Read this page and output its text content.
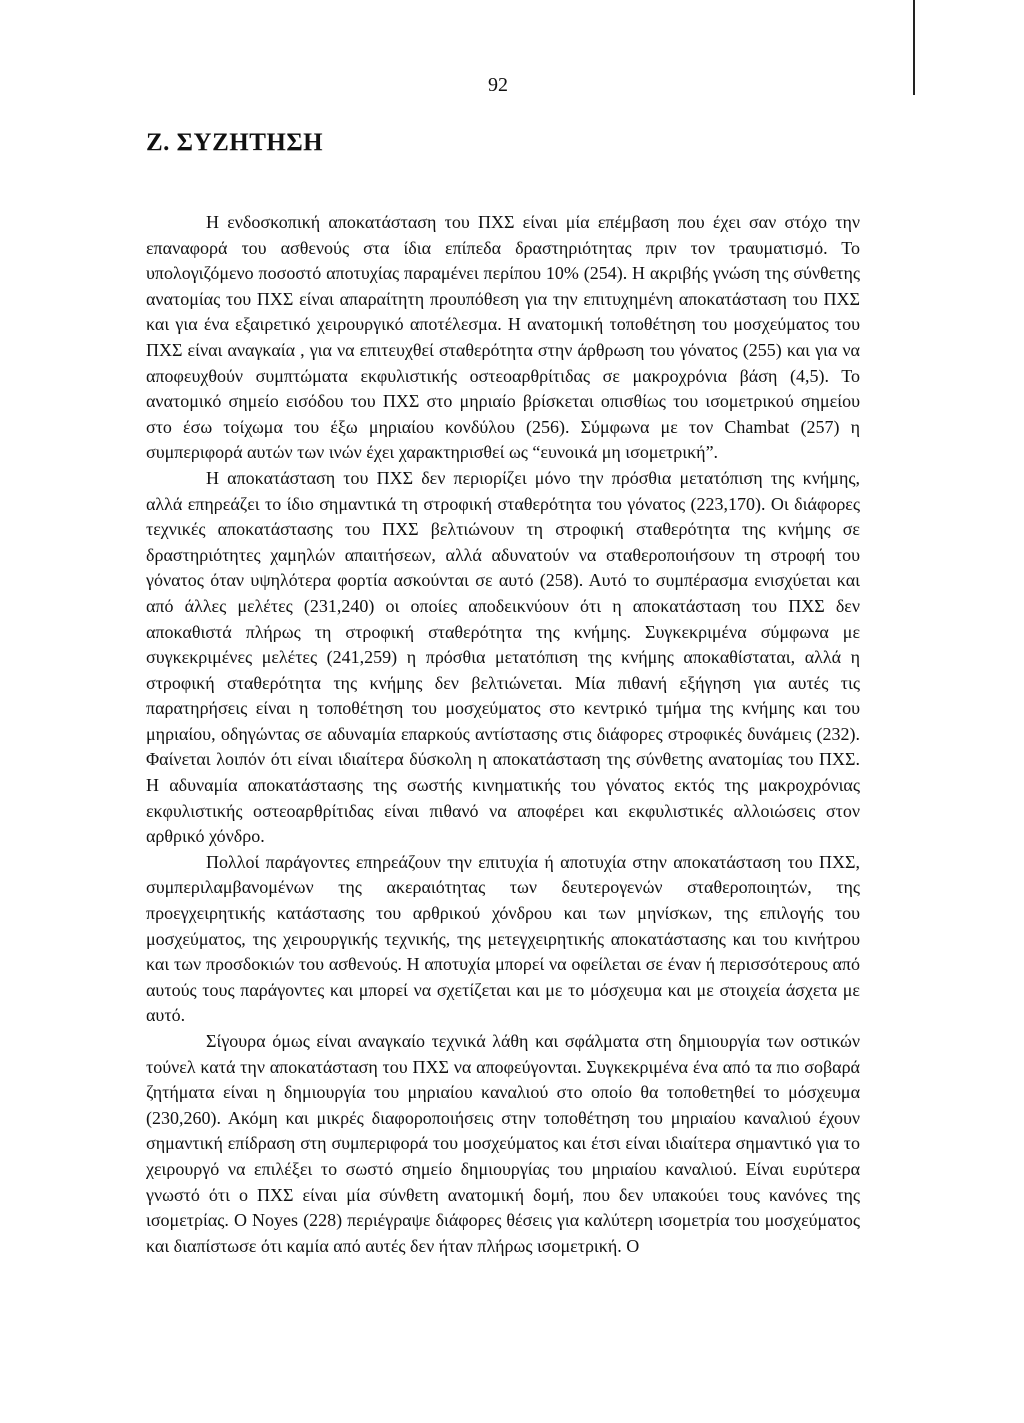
92
Ζ. ΣΥΖΗΤΗΣΗ

Η ενδοσκοπική αποκατάσταση του ΠΧΣ είναι μία επέμβαση που έχει σαν στόχο την επαναφορά του ασθενούς στα ίδια επίπεδα δραστηριότητας πριν τον τραυματισμό. Το υπολογιζόμενο ποσοστό αποτυχίας παραμένει περίπου 10% (254). Η ακριβής γνώση της σύνθετης ανατομίας του ΠΧΣ είναι απαραίτητη προυπόθεση για την επιτυχημένη αποκατάσταση του ΠΧΣ και για ένα εξαιρετικό χειρουργικό αποτέλεσμα. Η ανατομική τοποθέτηση του μοσχεύματος του ΠΧΣ είναι αναγκαία , για να επιτευχθεί σταθερότητα στην άρθρωση του γόνατος (255) και για να αποφευχθούν συμπτώματα εκφυλιστικής οστεοαρθρίτιδας σε μακροχρόνια βάση (4,5). Το ανατομικό σημείο εισόδου του ΠΧΣ στο μηριαίο βρίσκεται οπισθίως του ισομετρικού σημείου στο έσω τοίχωμα του έξω μηριαίου κονδύλου (256). Σύμφωνα με τον Chambat (257) η συμπεριφορά αυτών των ινών έχει χαρακτηρισθεί ως “ευνοικά μη ισομετρική”.

Η αποκατάσταση του ΠΧΣ δεν περιορίζει μόνο την πρόσθια μετατόπιση της κνήμης, αλλά επηρεάζει το ίδιο σημαντικά τη στροφική σταθερότητα του γόνατος (223,170). Οι διάφορες τεχνικές αποκατάστασης του ΠΧΣ βελτιώνουν τη στροφική σταθερότητα της κνήμης σε δραστηριότητες χαμηλών απαιτήσεων, αλλά αδυνατούν να σταθεροποιήσουν τη στροφή του γόνατος όταν υψηλότερα φορτία ασκούνται σε αυτό (258). Αυτό το συμπέρασμα ενισχύεται και από άλλες μελέτες (231,240) οι οποίες αποδεικνύουν ότι η αποκατάσταση του ΠΧΣ δεν αποκαθιστά πλήρως τη στροφική σταθερότητα της κνήμης. Συγκεκριμένα σύμφωνα με συγκεκριμένες μελέτες (241,259) η πρόσθια μετατόπιση της κνήμης αποκαθίσταται, αλλά η στροφική σταθερότητα της κνήμης δεν βελτιώνεται. Μία πιθανή εξήγηση για αυτές τις παρατηρήσεις είναι η τοποθέτηση του μοσχεύματος στο κεντρικό τμήμα της κνήμης και του μηριαίου, οδηγώντας σε αδυναμία επαρκούς αντίστασης στις διάφορες στροφικές δυνάμεις (232). Φαίνεται λοιπόν ότι είναι ιδιαίτερα δύσκολη η αποκατάσταση της σύνθετης ανατομίας του ΠΧΣ. Η αδυναμία αποκατάστασης της σωστής κινηματικής του γόνατος εκτός της μακροχρόνιας εκφυλιστικής οστεοαρθρίτιδας είναι πιθανό να αποφέρει και εκφυλιστικές αλλοιώσεις στον αρθρικό χόνδρο.

Πολλοί παράγοντες επηρεάζουν την επιτυχία ή αποτυχία στην αποκατάσταση του ΠΧΣ, συμπεριλαμβανομένων της ακεραιότητας των δευτερογενών σταθεροποιητών, της προεγχειρητικής κατάστασης του αρθρικού χόνδρου και των μηνίσκων, της επιλογής του μοσχεύματος, της χειρουργικής τεχνικής, της μετεγχειρητικής αποκατάστασης και του κινήτρου και των προσδοκιών του ασθενούς. Η αποτυχία μπορεί να οφείλεται σε έναν ή περισσότερους από αυτούς τους παράγοντες και μπορεί να σχετίζεται και με το μόσχευμα και με στοιχεία άσχετα με αυτό.

Σίγουρα όμως είναι αναγκαίο τεχνικά λάθη και σφάλματα στη δημιουργία των οστικών τούνελ κατά την αποκατάσταση του ΠΧΣ να αποφεύγονται. Συγκεκριμένα ένα από τα πιο σοβαρά ζητήματα είναι η δημιουργία του μηριαίου καναλιού στο οποίο θα τοποθετηθεί το μόσχευμα (230,260). Ακόμη και μικρές διαφοροποιήσεις στην τοποθέτηση του μηριαίου καναλιού έχουν σημαντική επίδραση στη συμπεριφορά του μοσχεύματος και έτσι είναι ιδιαίτερα σημαντικό για το χειρουργό να επιλέξει το σωστό σημείο δημιουργίας του μηριαίου καναλιού. Είναι ευρύτερα γνωστό ότι ο ΠΧΣ είναι μία σύνθετη ανατομική δομή, που δεν υπακούει τους κανόνες της ισομετρίας. Ο Noyes (228) περιέγραψε διάφορες θέσεις για καλύτερη ισομετρία του μοσχεύματος και διαπίστωσε ότι καμία από αυτές δεν ήταν πλήρως ισομετρική. Ο
